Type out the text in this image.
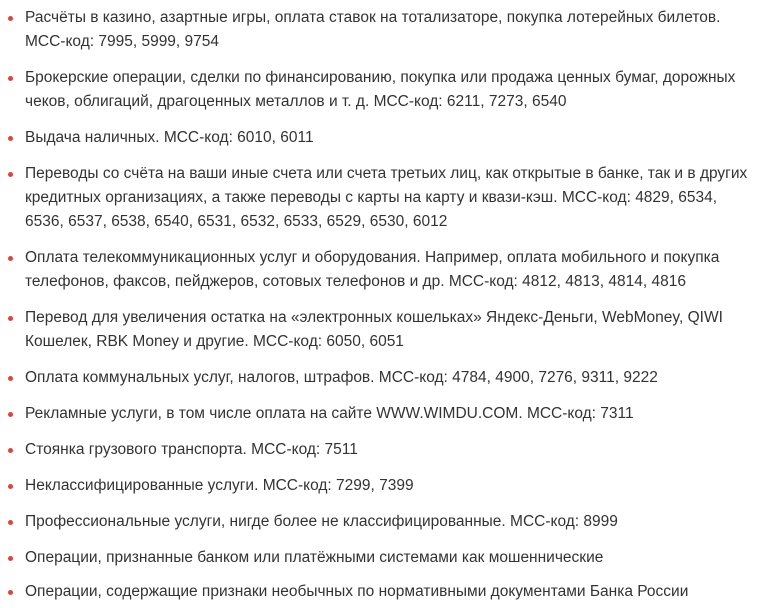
Расчёты в казино, азартные игры, оплата ставок на тотализаторе, покупка лотерейных билетов. MCC-код: 7995, 5999, 9754
Брокерские операции, сделки по финансированию, покупка или продажа ценных бумаг, дорожных чеков, облигаций, драгоценных металлов и т. д. MCC-код: 6211, 7273, 6540
Выдача наличных. MCC-код: 6010, 6011
Переводы со счёта на ваши иные счета или счета третьих лиц, как открытые в банке, так и в других кредитных организациях, а также переводы с карты на карту и квази-кэш. MCC-код: 4829, 6534, 6536, 6537, 6538, 6540, 6531, 6532, 6533, 6529, 6530, 6012
Оплата телекоммуникационных услуг и оборудования. Например, оплата мобильного и покупка телефонов, факсов, пейджеров, сотовых телефонов и др. MCC-код: 4812, 4813, 4814, 4816
Перевод для увеличения остатка на «электронных кошельках» Яндекс-Деньги, WebMoney, QIWI Кошелек, RBK Money и другие. MCC-код: 6050, 6051
Оплата коммунальных услуг, налогов, штрафов. MCC-код: 4784, 4900, 7276, 9311, 9222
Рекламные услуги, в том числе оплата на сайте WWW.WIMDU.COM. MCC-код: 7311
Стоянка грузового транспорта. MCC-код: 7511
Неклассифицированные услуги. MCC-код: 7299, 7399
Профессиональные услуги, нигде более не классифицированные. MCC-код: 8999
Операции, признанные банком или платёжными системами как мошеннические
Операции, содержащие признаки необычных по нормативными документами Банка России
